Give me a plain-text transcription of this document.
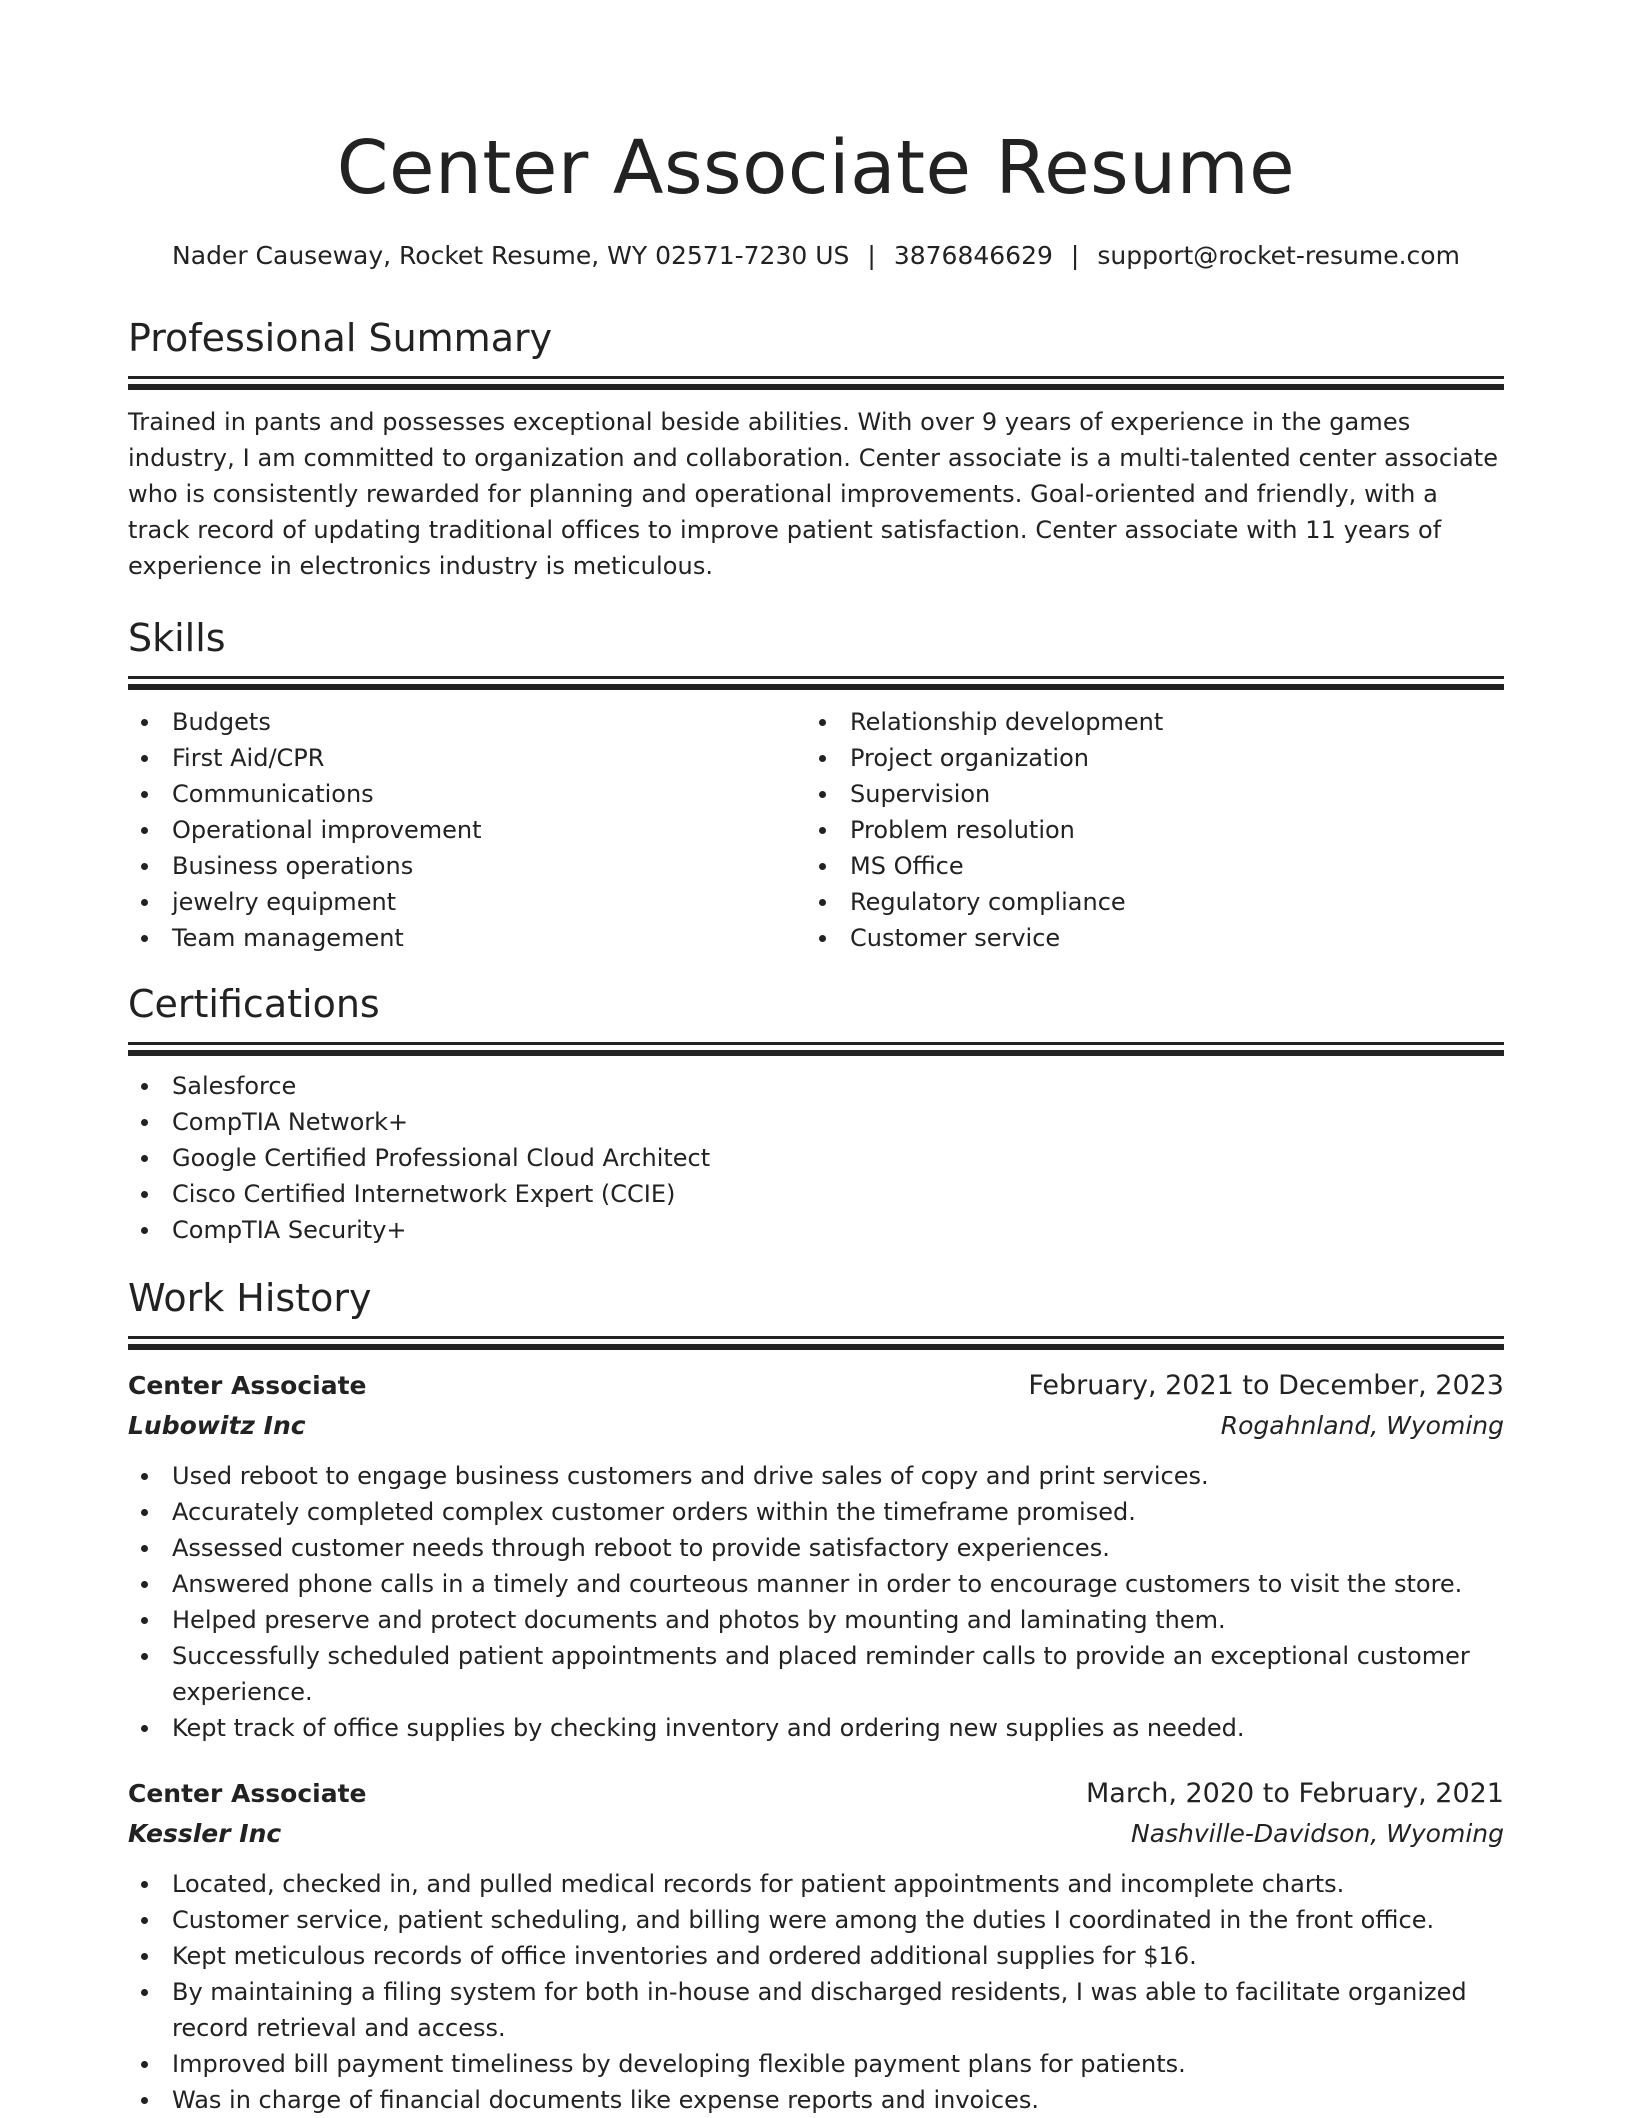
Center Associate Resume
Nader Causeway, Rocket Resume, WY 02571-7230 US | 3876846629 | support@rocket-resume.com
Professional Summary
Trained in pants and possesses exceptional beside abilities. With over 9 years of experience in the games industry, I am committed to organization and collaboration. Center associate is a multi-talented center associate who is consistently rewarded for planning and operational improvements. Goal-oriented and friendly, with a track record of updating traditional offices to improve patient satisfaction. Center associate with 11 years of experience in electronics industry is meticulous.
Skills
Budgets
First Aid/CPR
Communications
Operational improvement
Business operations
jewelry equipment
Team management
Relationship development
Project organization
Supervision
Problem resolution
MS Office
Regulatory compliance
Customer service
Certifications
Salesforce
CompTIA Network+
Google Certified Professional Cloud Architect
Cisco Certified Internetwork Expert (CCIE)
CompTIA Security+
Work History
Center Associate	February, 2021 to December, 2023
Lubowitz Inc	Rogahnland, Wyoming
Used reboot to engage business customers and drive sales of copy and print services.
Accurately completed complex customer orders within the timeframe promised.
Assessed customer needs through reboot to provide satisfactory experiences.
Answered phone calls in a timely and courteous manner in order to encourage customers to visit the store.
Helped preserve and protect documents and photos by mounting and laminating them.
Successfully scheduled patient appointments and placed reminder calls to provide an exceptional customer experience.
Kept track of office supplies by checking inventory and ordering new supplies as needed.
Center Associate	March, 2020 to February, 2021
Kessler Inc	Nashville-Davidson, Wyoming
Located, checked in, and pulled medical records for patient appointments and incomplete charts.
Customer service, patient scheduling, and billing were among the duties I coordinated in the front office.
Kept meticulous records of office inventories and ordered additional supplies for $16.
By maintaining a filing system for both in-house and discharged residents, I was able to facilitate organized record retrieval and access.
Improved bill payment timeliness by developing flexible payment plans for patients.
Was in charge of financial documents like expense reports and invoices.
